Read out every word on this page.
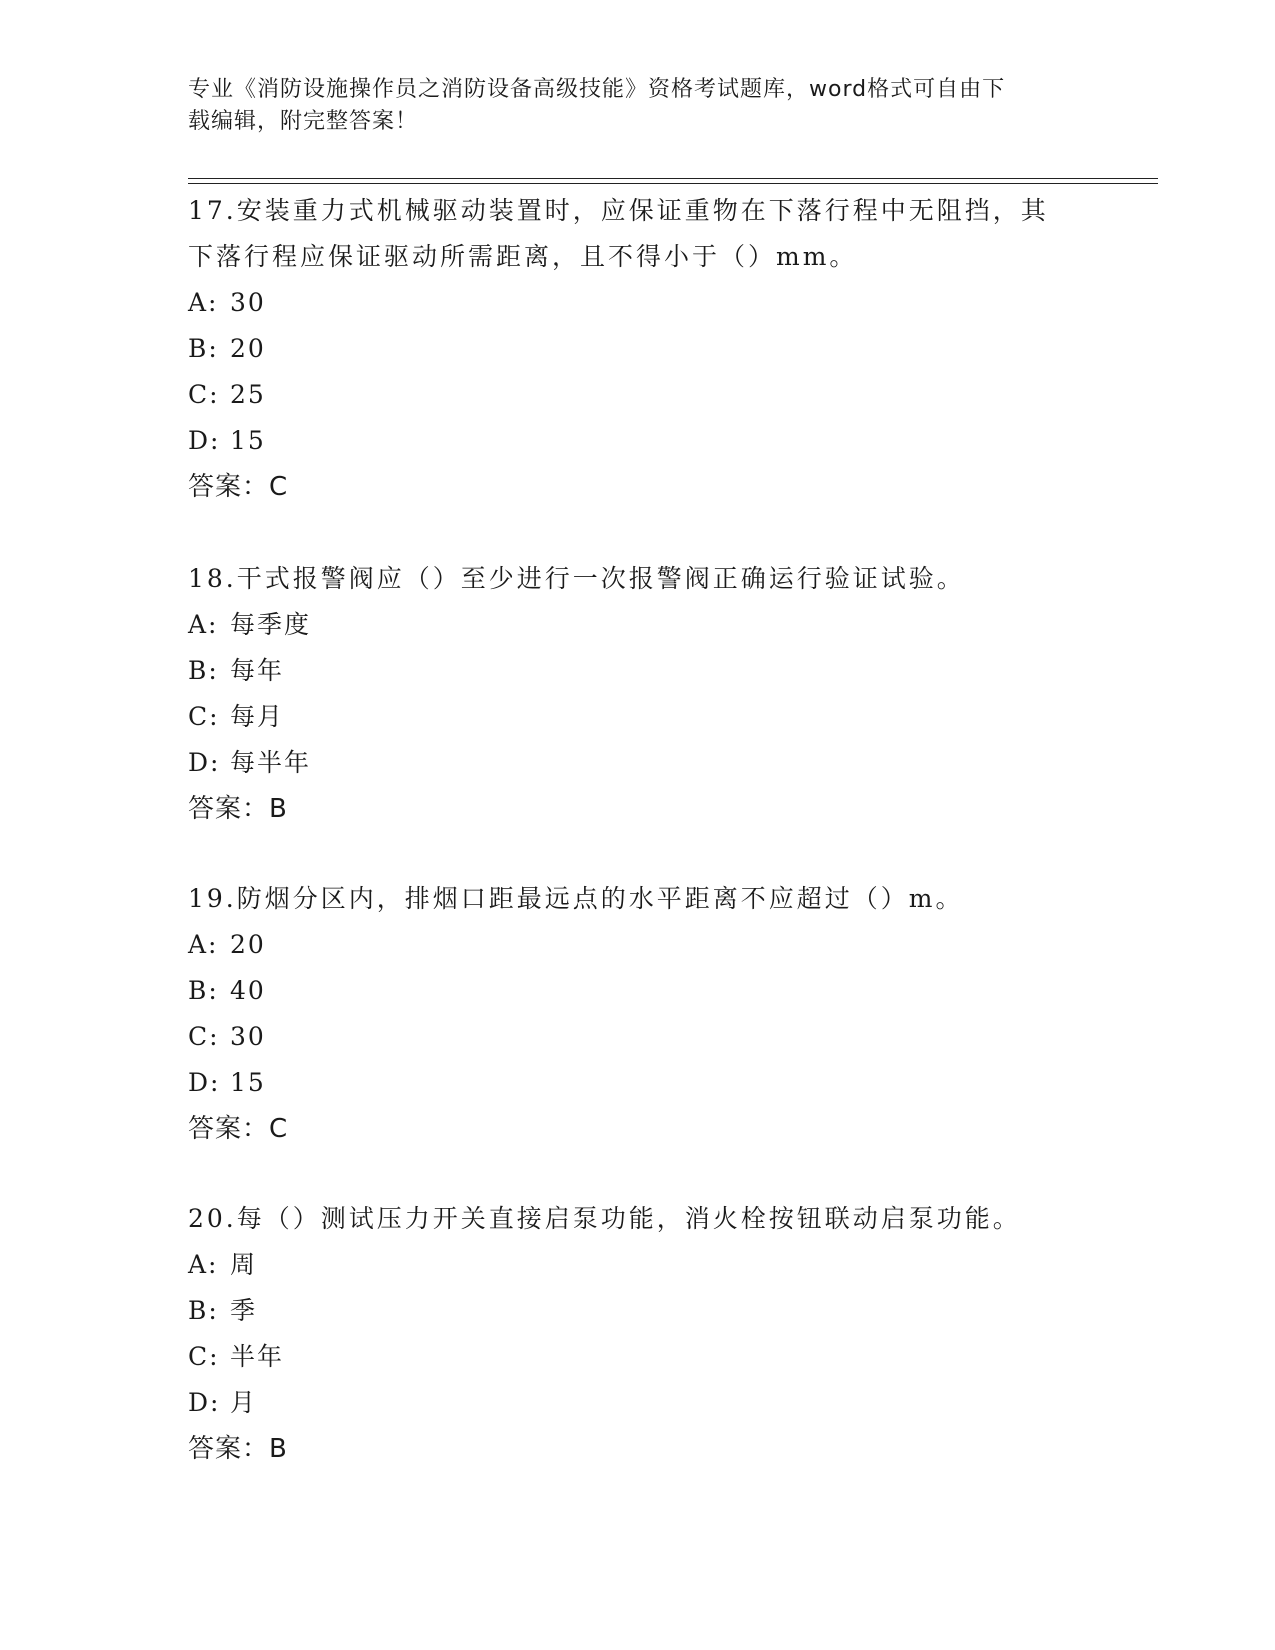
专业《消防设施操作员之消防设备高级技能》资格考试题库，word格式可自由下
载编辑，附完整答案！
17.安装重力式机械驱动装置时，应保证重物在下落行程中无阻挡，其
下落行程应保证驱动所需距离，且不得小于（）mm。
A: 30
B: 20
C: 25
D: 15
答案：C
18.干式报警阀应（）至少进行一次报警阀正确运行验证试验。
A: 每季度
B: 每年
C: 每月
D: 每半年
答案：B
19.防烟分区内，排烟口距最远点的水平距离不应超过（）m。
A: 20
B: 40
C: 30
D: 15
答案：C
20.每（）测试压力开关直接启泵功能，消火栓按钮联动启泵功能。
A: 周
B: 季
C: 半年
D: 月
答案：B
